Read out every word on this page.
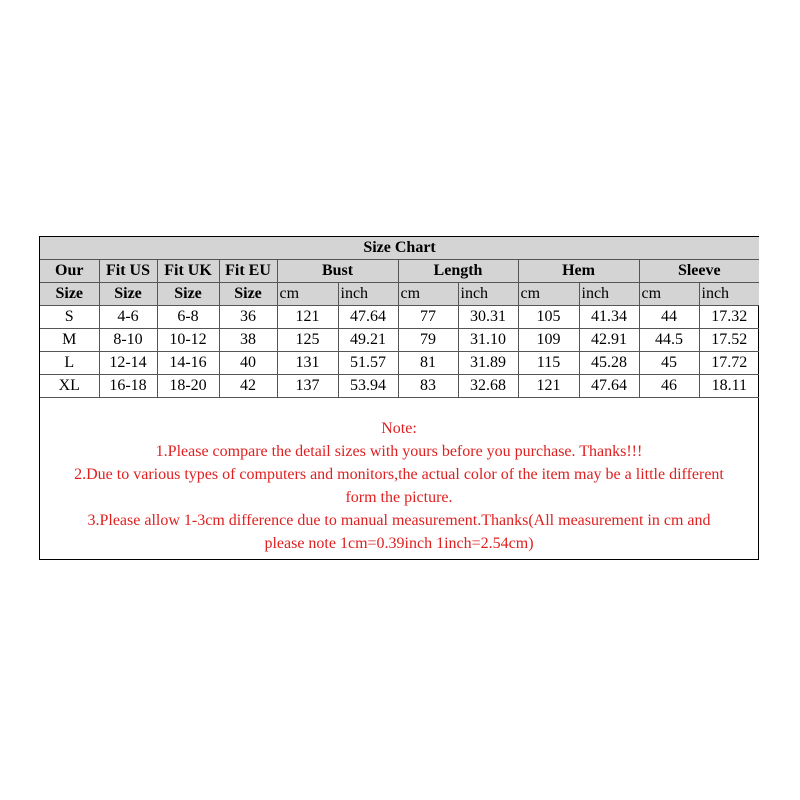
Size Chart											
Our	Fit US	Fit UK	Fit EU	Bust		Length		Hem		Sleeve	
Size	Size	Size	Size	cm	inch	cm	inch	cm	inch	cm	inch
S	4-6	6-8	36	121	47.64	77	30.31	105	41.34	44	17.32
M	8-10	10-12	38	125	49.21	79	31.10	109	42.91	44.5	17.52
L	12-14	14-16	40	131	51.57	81	31.89	115	45.28	45	17.72
XL	16-18	18-20	42	137	53.94	83	32.68	121	47.64	46	18.11
Note:
1.Please compare the detail sizes with yours before you purchase. Thanks!!!
2.Due to various types of computers and monitors,the actual color of the item may be a little different
form the picture.
3.Please allow 1-3cm difference due to manual measurement.Thanks(All measurement in cm and
please note 1cm=0.39inch 1inch=2.54cm)
